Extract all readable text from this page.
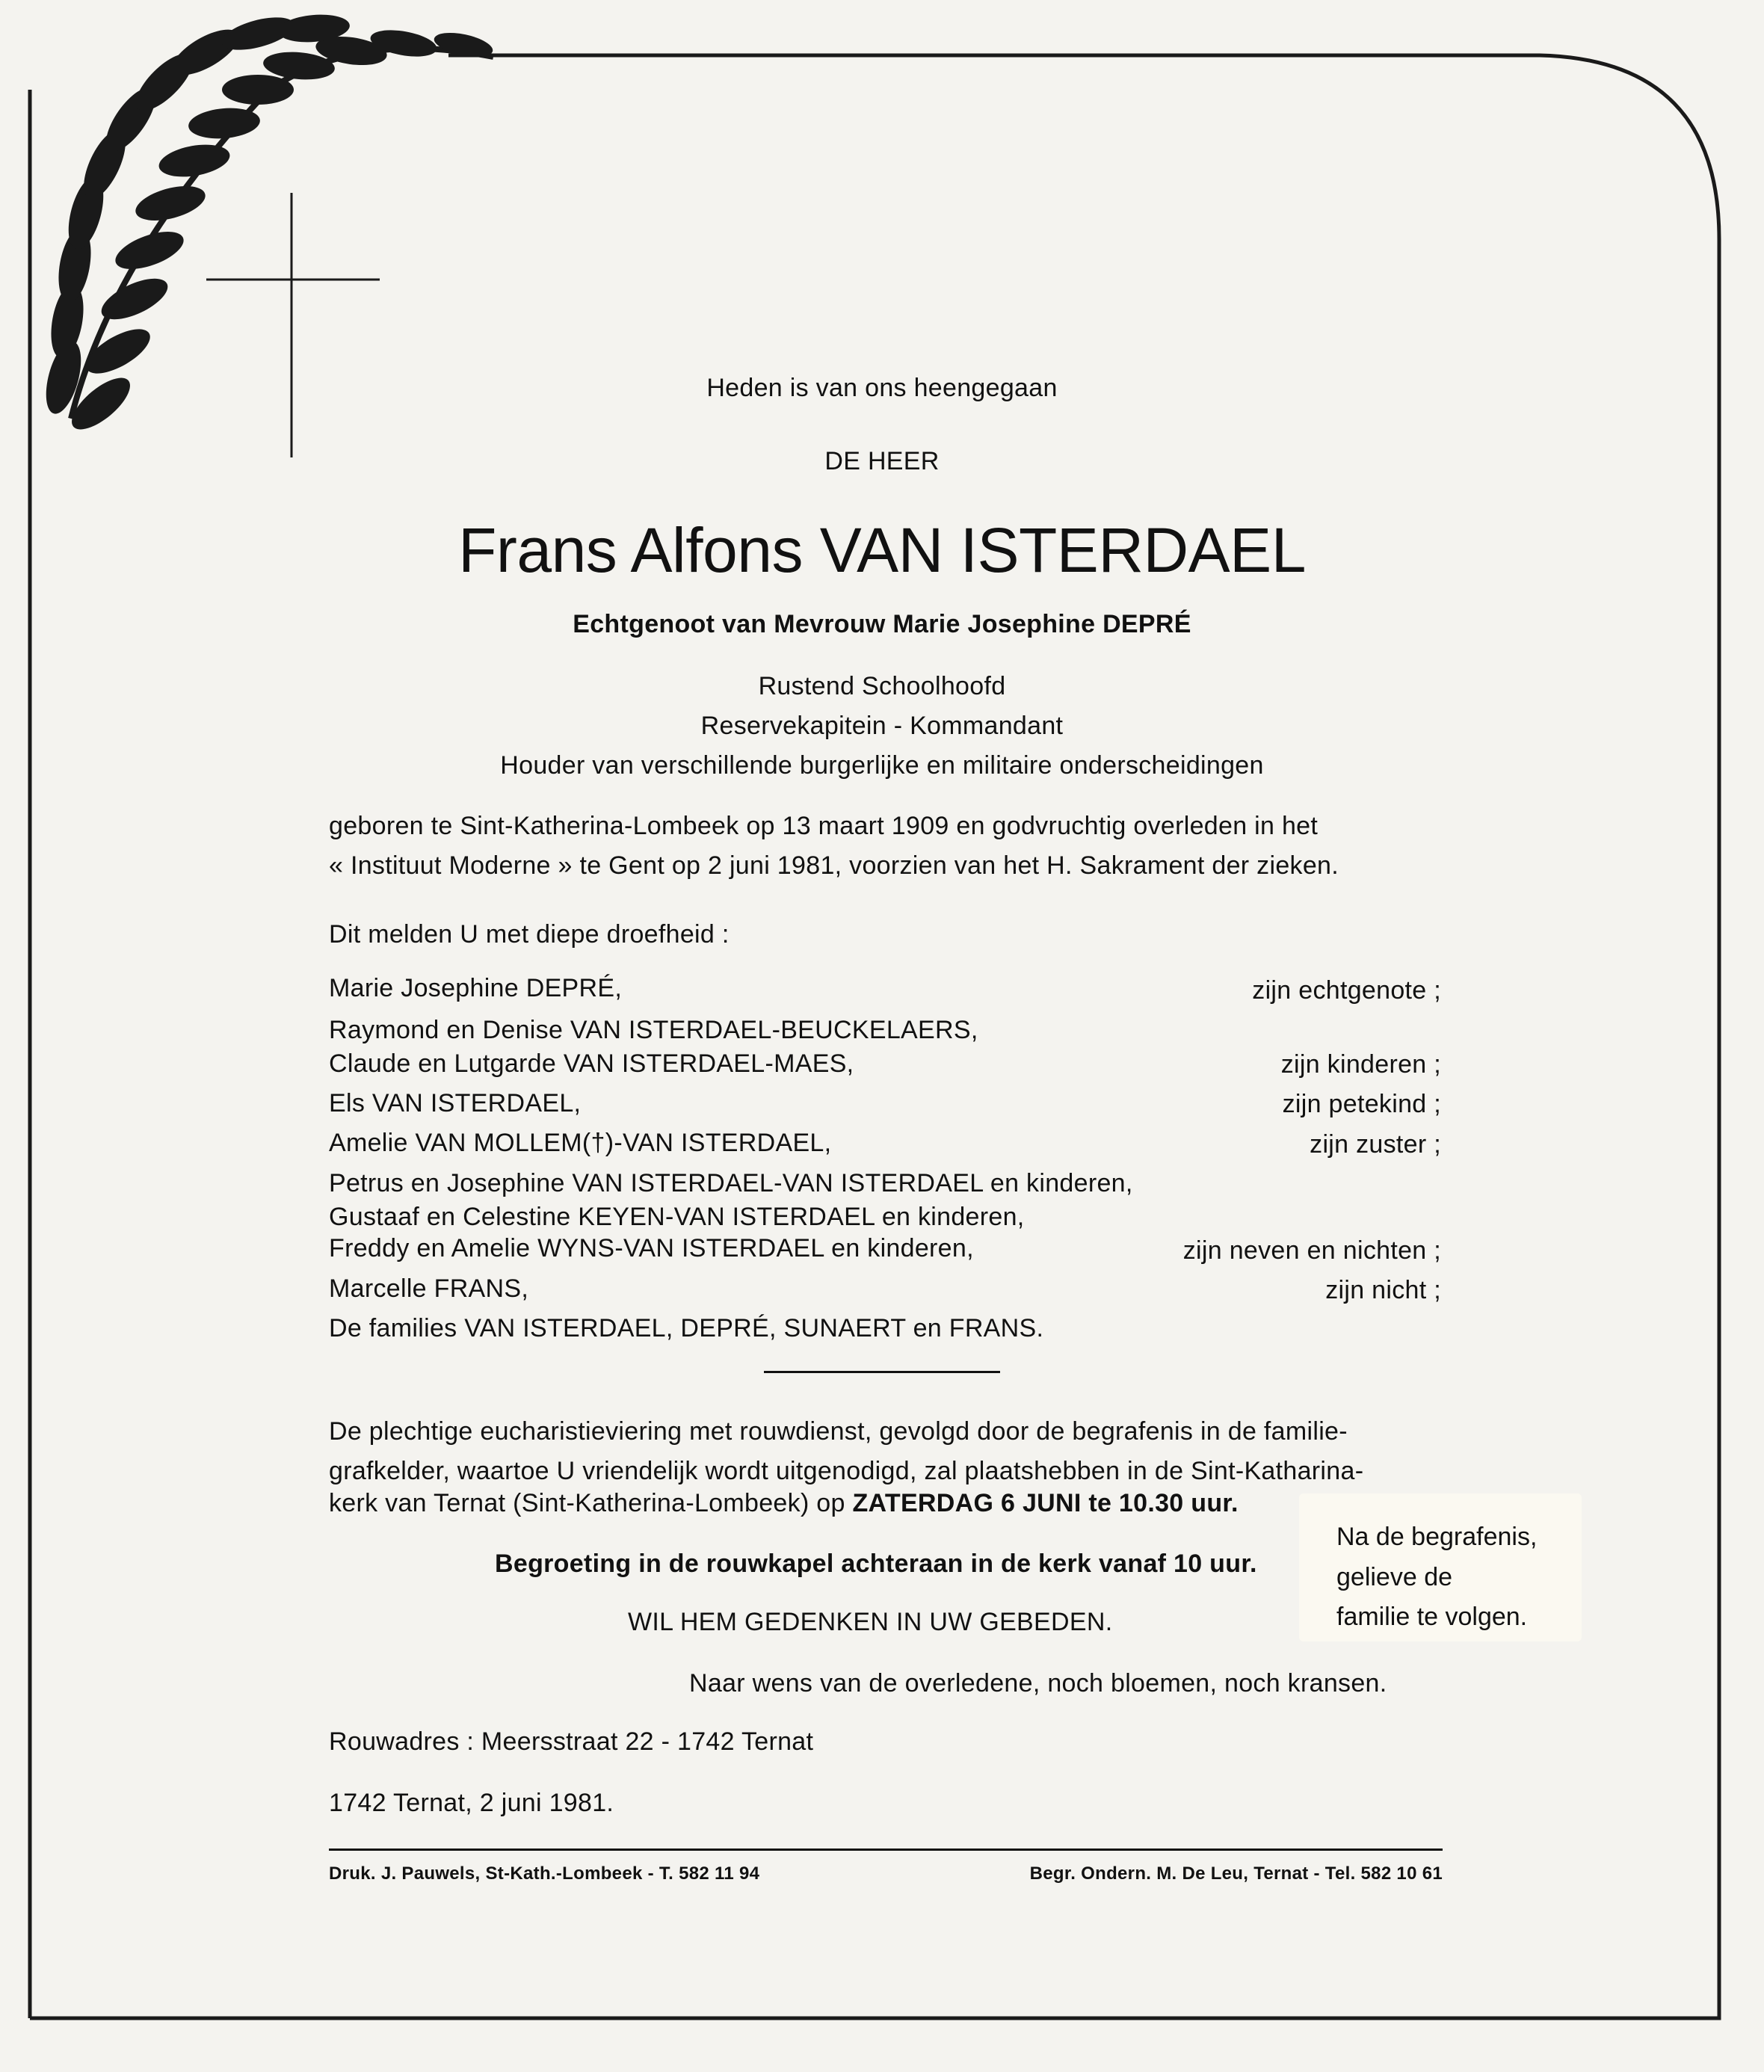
Heden is van ons heengegaan
DE HEER
Frans Alfons VAN ISTERDAEL
Echtgenoot van Mevrouw Marie Josephine DEPRÉ
Rustend Schoolhoofd
Reservekapitein - Kommandant
Houder van verschillende burgerlijke en militaire onderscheidingen
geboren te Sint-Katherina-Lombeek op 13 maart 1909 en godvruchtig overleden in het
« Instituut Moderne » te Gent op 2 juni 1981, voorzien van het H. Sakrament der zieken.
Dit melden U met diepe droefheid :
Marie Josephine DEPRÉ,	zijn echtgenote ;
Raymond en Denise VAN ISTERDAEL-BEUCKELAERS,
Claude en Lutgarde VAN ISTERDAEL-MAES,	zijn kinderen ;
Els VAN ISTERDAEL,	zijn petekind ;
Amelie VAN MOLLEM(†)-VAN ISTERDAEL,	zijn zuster ;
Petrus en Josephine VAN ISTERDAEL-VAN ISTERDAEL en kinderen,
Gustaaf en Celestine KEYEN-VAN ISTERDAEL en kinderen,
Freddy en Amelie WYNS-VAN ISTERDAEL en kinderen,	zijn neven en nichten ;
Marcelle FRANS,	zijn nicht ;
De families VAN ISTERDAEL, DEPRÉ, SUNAERT en FRANS.
De plechtige eucharistieviering met rouwdienst, gevolgd door de begrafenis in de familie-
grafkelder, waartoe U vriendelijk wordt uitgenodigd, zal plaatshebben in de Sint-Katharina-
kerk van Ternat (Sint-Katherina-Lombeek) op ZATERDAG 6 JUNI te 10.30 uur.
Begroeting in de rouwkapel achteraan in de kerk vanaf 10 uur.
WIL HEM GEDENKEN IN UW GEBEDEN.
Naar wens van de overledene, noch bloemen, noch kransen.
Rouwadres : Meersstraat 22 - 1742 Ternat
1742 Ternat, 2 juni 1981.
Druk. J. Pauwels, St-Kath.-Lombeek - T. 582 11 94	Begr. Ondern. M. De Leu, Ternat - Tel. 582 10 61
Na de begrafenis,
gelieve de
familie te volgen.
